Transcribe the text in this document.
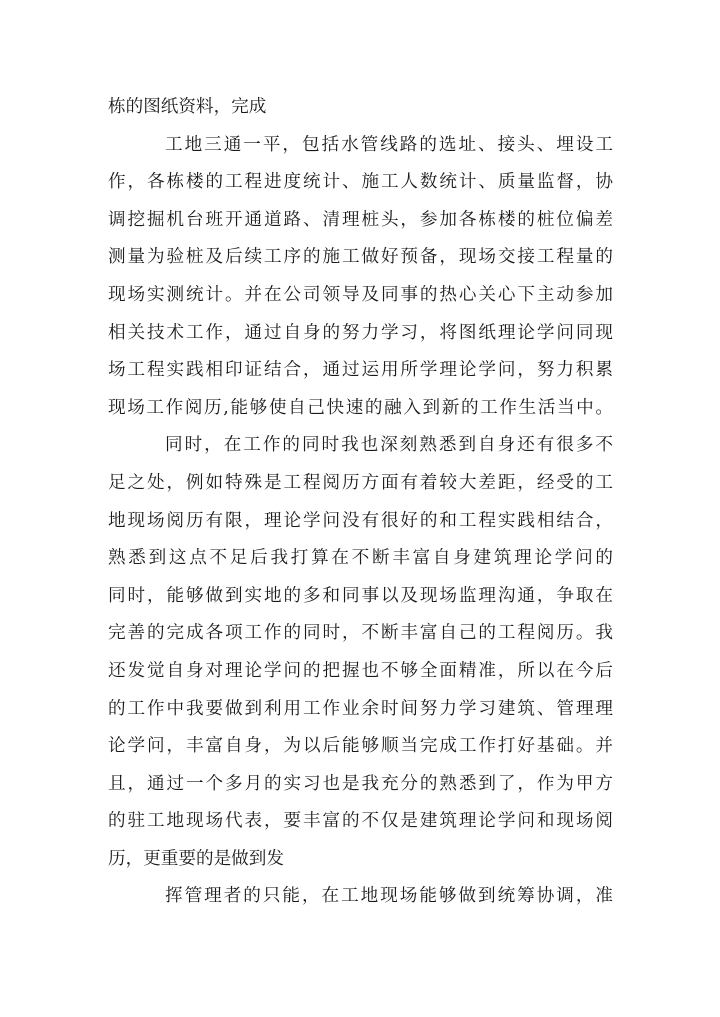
栋的图纸资料，完成
工地三通一平，包括水管线路的选址、接头、埋设工
作，各栋楼的工程进度统计、施工人数统计、质量监督，协
调挖掘机台班开通道路、清理桩头，参加各栋楼的桩位偏差
测量为验桩及后续工序的施工做好预备，现场交接工程量的
现场实测统计。并在公司领导及同事的热心关心下主动参加
相关技术工作，通过自身的努力学习，将图纸理论学问同现
场工程实践相印证结合，通过运用所学理论学问，努力积累
现场工作阅历,能够使自己快速的融入到新的工作生活当中。
同时，在工作的同时我也深刻熟悉到自身还有很多不
足之处，例如特殊是工程阅历方面有着较大差距，经受的工
地现场阅历有限，理论学问没有很好的和工程实践相结合，
熟悉到这点不足后我打算在不断丰富自身建筑理论学问的
同时，能够做到实地的多和同事以及现场监理沟通，争取在
完善的完成各项工作的同时，不断丰富自己的工程阅历。我
还发觉自身对理论学问的把握也不够全面精准，所以在今后
的工作中我要做到利用工作业余时间努力学习建筑、管理理
论学问，丰富自身，为以后能够顺当完成工作打好基础。并
且，通过一个多月的实习也是我充分的熟悉到了，作为甲方
的驻工地现场代表，要丰富的不仅是建筑理论学问和现场阅
历，更重要的是做到发
挥管理者的只能，在工地现场能够做到统筹协调，准
